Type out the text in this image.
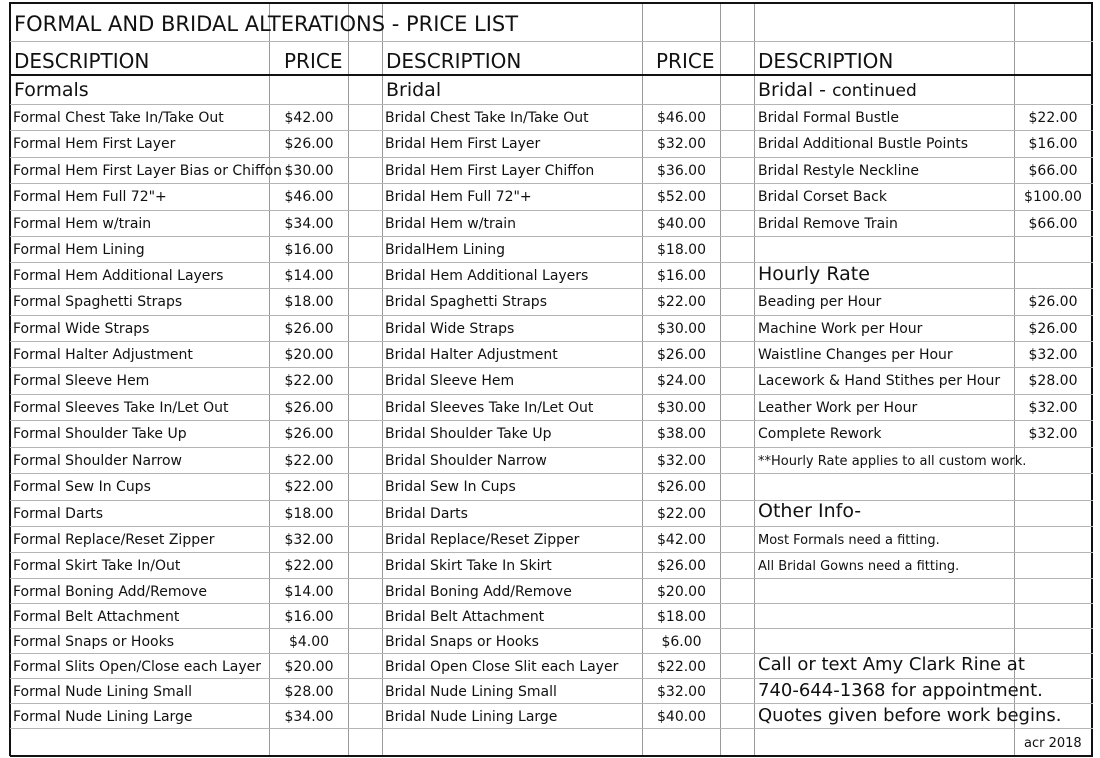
FORMAL AND BRIDAL ALTERATIONS - PRICE LIST
DESCRIPTION	PRICE DESCRIPTION	PRICE DESCRIPTION
Formals	Bridal	Bridal - continued
Formal Chest Take In/Take Out	$42.00
Formal Hem First Layer	$26.00
Formal Hem First Layer Bias or Chiffon $30.00
Formal Hem Full 72"+	$46.00
Formal Hem w/train	$34.00
Formal Hem Lining	$16.00
Formal Hem Additional Layers	$14.00
Formal Spaghetti Straps	$18.00
Formal Wide Straps	$26.00
Formal Halter Adjustment	$20.00
Formal Sleeve Hem	$22.00
Formal Sleeves Take In/Let Out	$26.00
Formal Shoulder Take Up	$26.00
Formal Shoulder Narrow	$22.00
Formal Sew In Cups	$22.00
Formal Darts	$18.00
Formal Replace/Reset Zipper	$32.00
Formal Skirt Take In/Out	$22.00
Formal Boning Add/Remove	$14.00
Formal Belt Attachment	$16.00
Formal Snaps or Hooks	$4.00
Formal Slits Open/Close each Layer	$20.00
Formal Nude Lining Small	$28.00
Formal Nude Lining Large	$34.00
Bridal Chest Take In/Take Out	$46.00
Bridal Hem First Layer	$32.00
Bridal Hem First Layer Chiffon	$36.00
Bridal Hem Full 72"+	$52.00
Bridal Hem w/train	$40.00
BridalHem Lining	$18.00
Bridal Hem Additional Layers	$16.00
Bridal Spaghetti Straps	$22.00
Bridal Wide Straps	$30.00
Bridal Halter Adjustment	$26.00
Bridal Sleeve Hem	$24.00
Bridal Sleeves Take In/Let Out	$30.00
Bridal Shoulder Take Up	$38.00
Bridal Shoulder Narrow	$32.00
Bridal Sew In Cups	$26.00
Bridal Darts	$22.00
Bridal Replace/Reset Zipper	$42.00
Bridal Skirt Take In Skirt	$26.00
Bridal Boning Add/Remove	$20.00
Bridal Belt Attachment	$18.00
Bridal Snaps or Hooks	$6.00
Bridal Open Close Slit each Layer	$22.00
Bridal Nude Lining Small	$32.00
Bridal Nude Lining Large	$40.00
Bridal Formal Bustle	$22.00
Bridal Additional Bustle Points	$16.00
Bridal Restyle Neckline	$66.00
Bridal Corset Back	$100.00
Bridal Remove Train	$66.00
Beading per Hour	$26.00
Machine Work per Hour	$26.00
Waistline Changes per Hour	$32.00
Lacework & Hand Stithes per Hour	$28.00
Leather Work per Hour	$32.00
Complete Rework	$32.00
Hourly Rate
**Hourly Rate applies to all custom work.
Other Info-
Most Formals need a fitting.
All Bridal Gowns need a fitting.
Call or text Amy Clark Rine at
740-644-1368 for appointment.
Quotes given before work begins.
acr 2018
